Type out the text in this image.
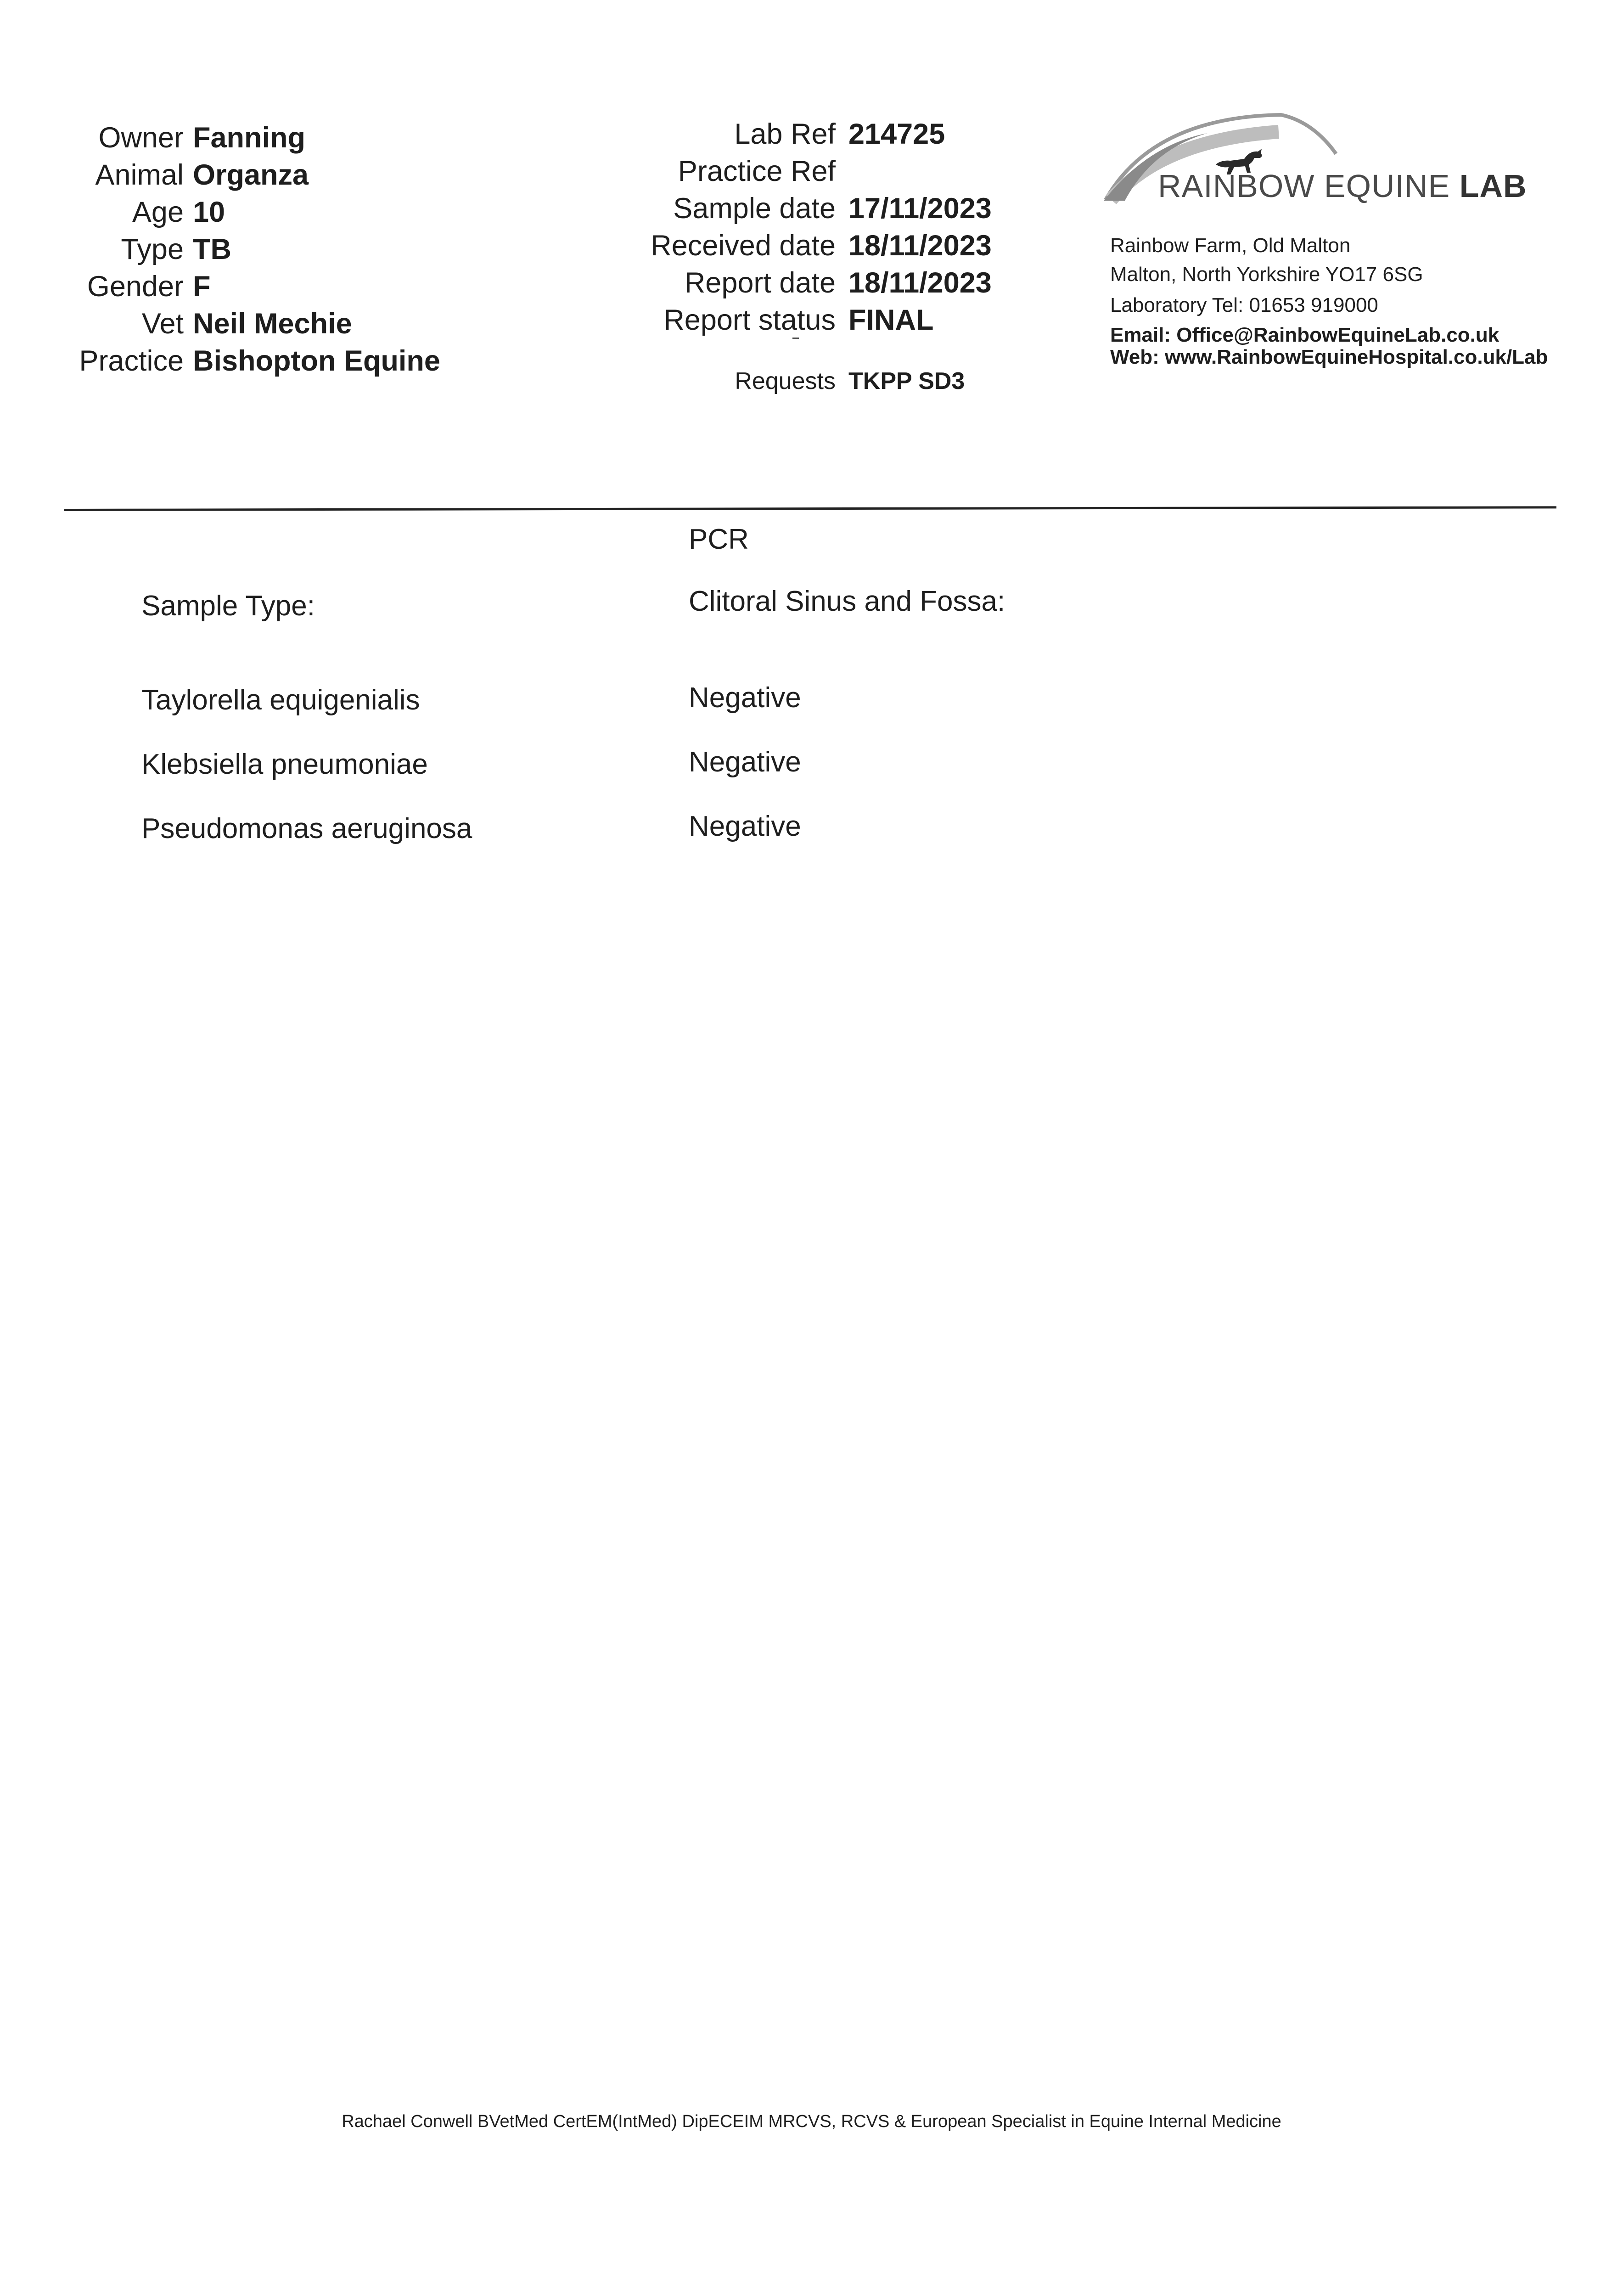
Owner Fanning
Animal Organza
Age 10
Type TB
Gender F
Vet Neil Mechie
Practice Bishopton Equine
Lab Ref 214725
Practice Ref
Sample date 17/11/2023
Received date 18/11/2023
Report date 18/11/2023
Report status FINAL
Requests TKPP SD3
RAINBOW EQUINE LAB
Rainbow Farm, Old Malton
Malton, North Yorkshire YO17 6SG
Laboratory Tel: 01653 919000
Email: Office@RainbowEquineLab.co.uk
Web: www.RainbowEquineHospital.co.uk/Lab
PCR
Sample Type:	Clitoral Sinus and Fossa:
Taylorella equigenialis	Negative
Klebsiella pneumoniae	Negative
Pseudomonas aeruginosa	Negative
Rachael Conwell BVetMed CertEM(IntMed) DipECEIM MRCVS, RCVS & European Specialist in Equine Internal Medicine
